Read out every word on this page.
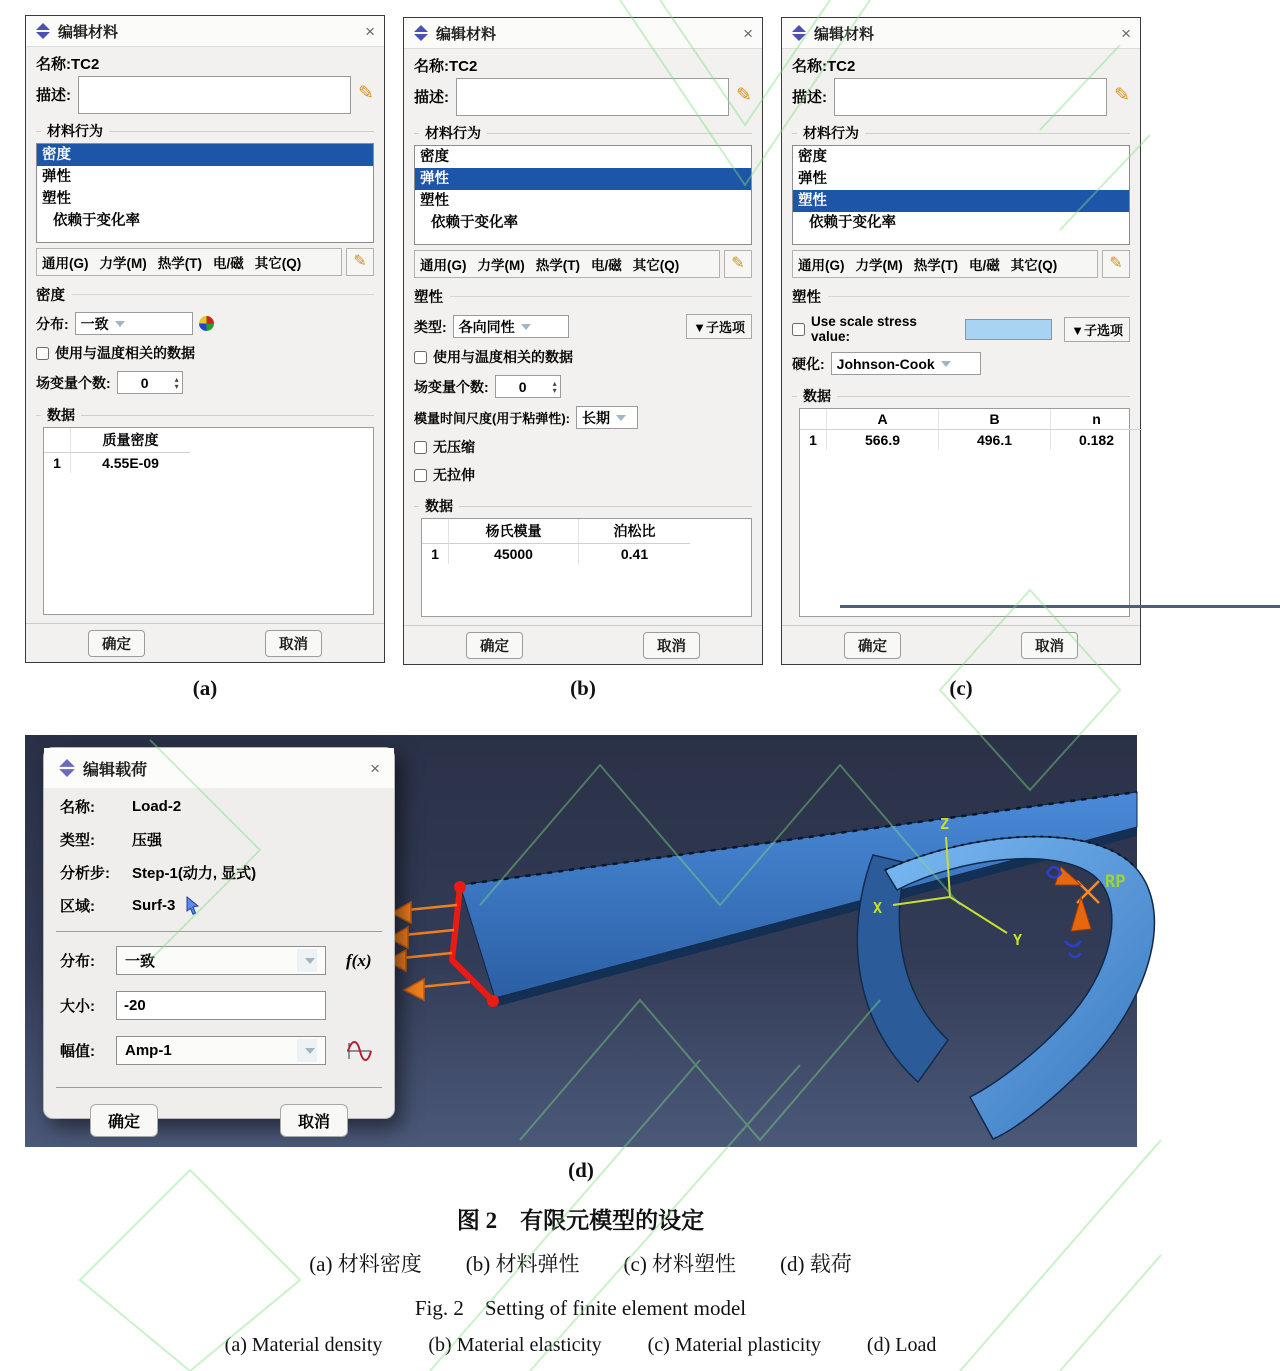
编辑材料	×
名称:TC2
描述:	✎
材料行为
密度
弹性
塑性
依赖于变化率
通用(G) 力学(M) 热学(T) 电/磁 其它(Q)	✎
密度
分布: 一致
使用与温度相关的数据
场变量个数:	0	▴
▾
数据
质量密度
1	4.55E-09
确定	取消
编辑材料	×
名称:TC2
描述:	✎
材料行为
密度
弹性
塑性
依赖于变化率
通用(G) 力学(M) 热学(T) 电/磁 其它(Q)	✎
塑性
类型: 各向同性	▼子选项
使用与温度相关的数据
场变量个数:	0	▴
▾
模量时间尺度(用于粘弹性): 长期
无压缩
无拉伸
数据
杨氏模量	泊松比
1	45000	0.41
确定	取消
编辑材料	×
名称:TC2
描述:	✎
材料行为
密度
弹性
塑性
依赖于变化率
通用(G) 力学(M) 热学(T) 电/磁 其它(Q)	✎
塑性
Use scale stress value:	▼子选项
硬化: Johnson-Cook
数据
A	B	n
1	566.9	496.1	0.182
确定	取消
(a)	(b)	(c)
Z
X
Y
RP
编辑载荷	×
名称:	Load-2
类型:	压强
分析步:	Step-1(动力, 显式)
区域:	Surf-3
分布:	一致	f(x)
大小:
-20
幅值:	Amp-1
确定	取消
(d)
图 2　有限元模型的设定
(a) 材料密度 (b) 材料弹性 (c) 材料塑性 (d) 载荷
Fig. 2　Setting of finite element model
(a) Material density (b) Material elasticity (c) Material plasticity (d) Load
